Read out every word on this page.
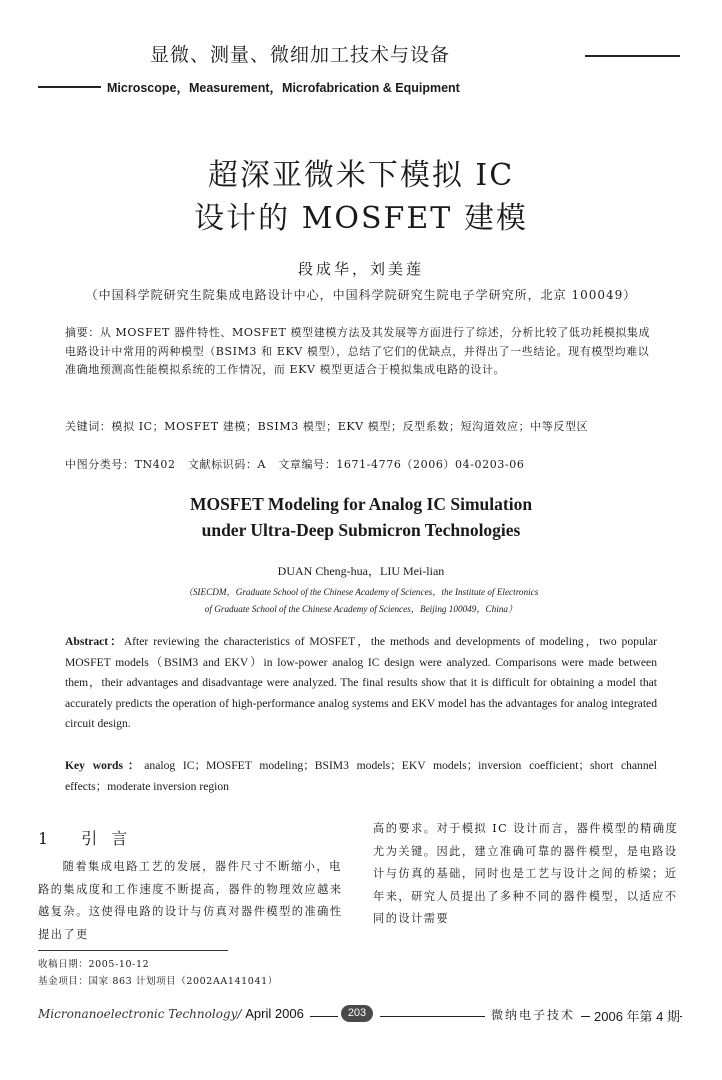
显微、测量、微细加工技术与设备
Microscope，Measurement，Microfabrication & Equipment
超深亚微米下模拟 IC
设计的 MOSFET 建模
段成华，刘美莲
（中国科学院研究生院集成电路设计中心，中国科学院研究生院电子学研究所，北京 100049）
摘要：从 MOSFET 器件特性、MOSFET 模型建模方法及其发展等方面进行了综述，分析比较了低功耗模拟集成电路设计中常用的两种模型（BSIM3 和 EKV 模型），总结了它们的优缺点，并得出了一些结论。现有模型均难以准确地预测高性能模拟系统的工作情况，而 EKV 模型更适合于模拟集成电路的设计。
关键词：模拟 IC；MOSFET 建模；BSIM3 模型；EKV 模型；反型系数；短沟道效应；中等反型区
中图分类号：TN402 文献标识码：A 文章编号：1671-4776（2006）04-0203-06
MOSFET Modeling for Analog IC Simulation
under Ultra-Deep Submicron Technologies
DUAN Cheng-hua，LIU Mei-lian
（SIECDM，Graduate School of the Chinese Academy of Sciences，the Institute of Electronics
of Graduate School of the Chinese Academy of Sciences，Beijing 100049，China）
Abstract：After reviewing the characteristics of MOSFET，the methods and developments of modeling，two popular MOSFET models（BSIM3 and EKV）in low-power analog IC design were analyzed. Comparisons were made between them，their advantages and disadvantage were analyzed. The final results show that it is difficult for obtaining a model that accurately predicts the operation of high-performance analog systems and EKV model has the advantages for analog integrated circuit design.
Key words：analog IC；MOSFET modeling；BSIM3 models；EKV models；inversion coefficient；short channel effects；moderate inversion region
1 引言
随着集成电路工艺的发展，器件尺寸不断缩小，电路的集成度和工作速度不断提高，器件的物理效应越来越复杂。这使得电路的设计与仿真对器件模型的准确性提出了更
高的要求。对于模拟 IC 设计而言，器件模型的精确度尤为关键。因此，建立准确可靠的器件模型，是电路设计与仿真的基础，同时也是工艺与设计之间的桥梁；近年来，研究人员提出了多种不同的器件模型，以适应不同的设计需要
收稿日期：2005-10-12
基金项目：国家 863 计划项目（2002AA141041）
Micronanoelectronic Technology/ April 2006	203	微纳电子技术	2006 年第 4 期
